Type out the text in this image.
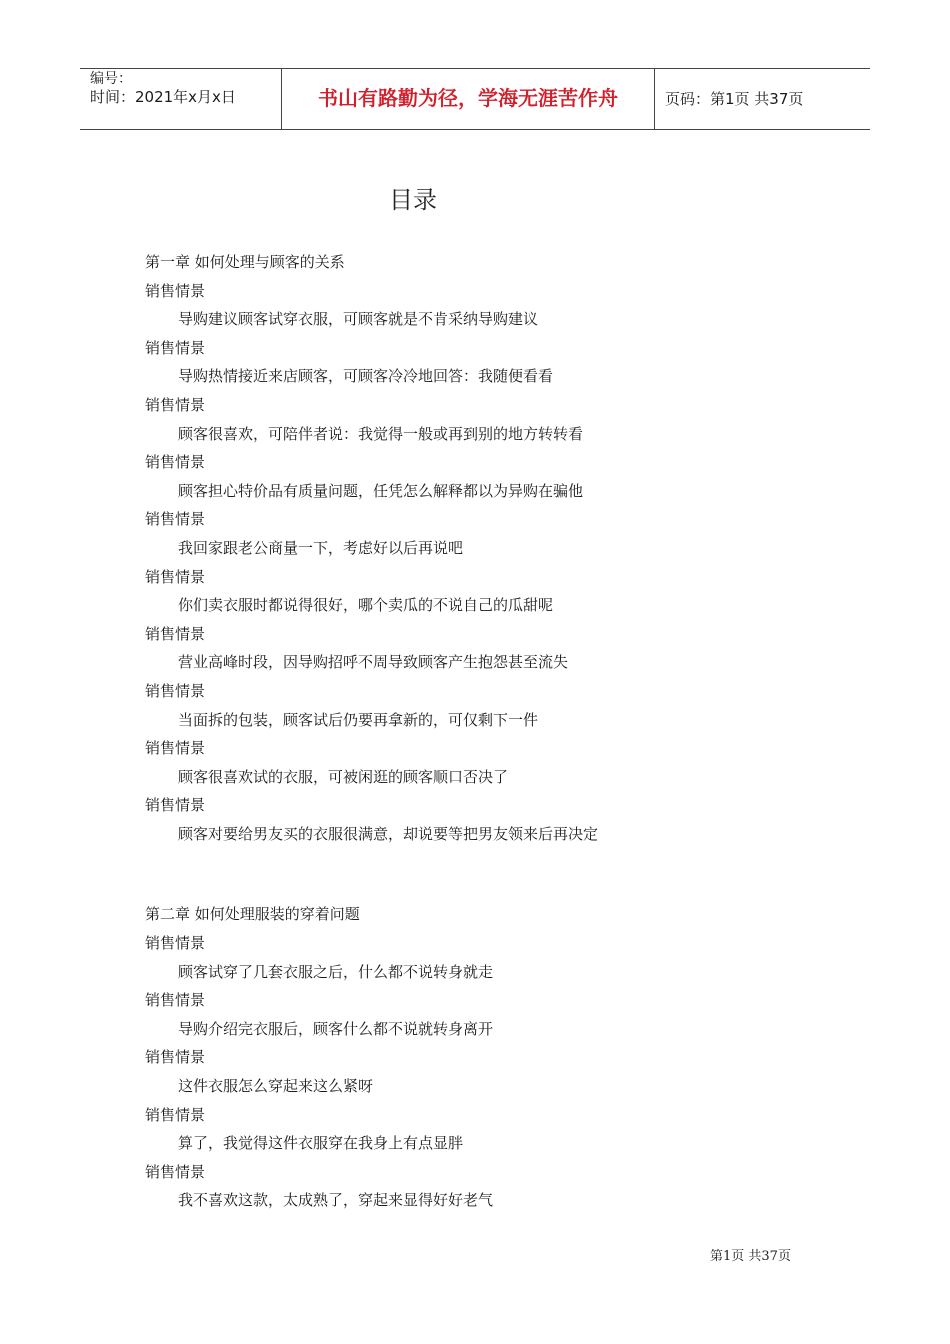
编号：
时间：2021年x月x日	书山有路勤为径，学海无涯苦作舟	页码：第1页 共37页
目录
第一章 如何处理与顾客的关系
销售情景
导购建议顾客试穿衣服，可顾客就是不肯采纳导购建议
销售情景
导购热情接近来店顾客，可顾客冷冷地回答：我随便看看
销售情景
顾客很喜欢，可陪伴者说：我觉得一般或再到别的地方转转看
销售情景
顾客担心特价品有质量问题，任凭怎么解释都以为异购在骗他
销售情景
我回家跟老公商量一下，考虑好以后再说吧
销售情景
你们卖衣服时都说得很好，哪个卖瓜的不说自己的瓜甜呢
销售情景
营业高峰时段，因导购招呼不周导致顾客产生抱怨甚至流失
销售情景
当面拆的包装，顾客试后仍要再拿新的，可仅剩下一件
销售情景
顾客很喜欢试的衣服，可被闲逛的顾客顺口否决了
销售情景
顾客对要给男友买的衣服很满意，却说要等把男友领来后再决定
第二章 如何处理服装的穿着问题
销售情景
顾客试穿了几套衣服之后，什么都不说转身就走
销售情景
导购介绍完衣服后，顾客什么都不说就转身离开
销售情景
这件衣服怎么穿起来这么紧呀
销售情景
算了，我觉得这件衣服穿在我身上有点显胖
销售情景
我不喜欢这款，太成熟了，穿起来显得好好老气
第1页 共37页
